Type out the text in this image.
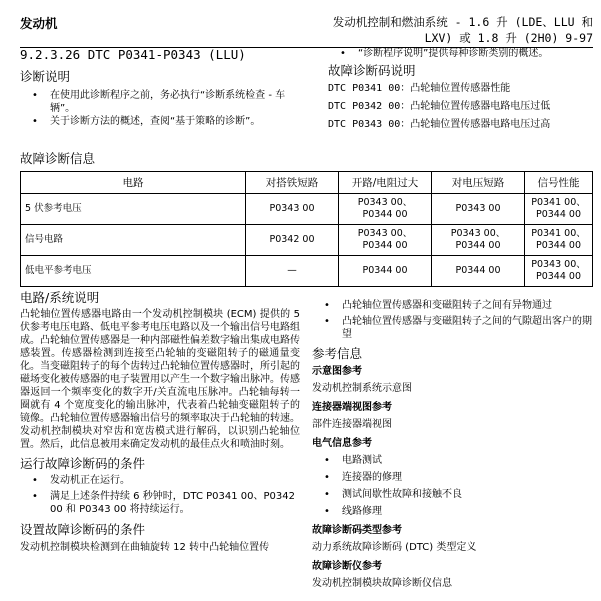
发动机	发动机控制和燃油系统 - 1.6 升 (LDE、LLU 和
LXV) 或 1.8 升 (2H0) 9-97
9.2.3.26 DTC P0341-P0343 (LLU)
诊断说明
• 在使用此诊断程序之前，务必执行“诊断系统检查 - 车辆”。
• 关于诊断方法的概述，查阅“基于策略的诊断”。
• “诊断程序说明”提供每种诊断类别的概述。
故障诊断码说明
DTC P0341 00：凸轮轴位置传感器性能
DTC P0342 00：凸轮轴位置传感器电路电压过低
DTC P0343 00：凸轮轴位置传感器电路电压过高
故障诊断信息
电路	对搭铁短路	开路/电阻过大	对电压短路	信号性能
5 伏参考电压	P0343 00	P0343 00、
P0344 00	P0343 00	P0341 00、
P0344 00
信号电路	P0342 00	P0343 00、
P0344 00	P0343 00、
P0344 00	P0341 00、
P0344 00
低电平参考电压	—	P0344 00	P0344 00	P0343 00、
P0344 00
电路/系统说明

凸轮轴位置传感器电路由一个发动机控制模块 (ECM) 提供的 5 伏参考电压电路、低电平参考电压电路以及一个输出信号电路组成。凸轮轴位置传感器是一种内部磁性偏差数字输出集成电路传感装置。传感器检测到连接至凸轮轴的变磁阻转子的磁通量变化。当变磁阻转子的每个齿转过凸轮轴位置传感器时，所引起的磁场变化被传感器的电子装置用以产生一个数字输出脉冲。传感器返回一个频率变化的数字开/关直流电压脉冲。凸轮轴每转一圈就有 4 个宽度变化的输出脉冲，代表着凸轮轴变磁阻转子的镜像。凸轮轴位置传感器输出信号的频率取决于凸轮轴的转速。发动机控制模块对窄齿和宽齿模式进行解码，以识别凸轮轴位置。然后，此信息被用来确定发动机的最佳点火和喷油时刻。

运行故障诊断码的条件
• 发动机正在运行。
• 满足上述条件持续 6 秒钟时，DTC P0341 00、P0342 00 和 P0343 00 将持续运行。
设置故障诊断码的条件

发动机控制模块检测到在曲轴旋转 12 转中凸轮轴位置传

• 凸轮轴位置传感器和变磁阻转子之间有异物通过
• 凸轮轴位置传感器与变磁阻转子之间的气隙超出客户的期望
参考信息
示意图参考
发动机控制系统示意图
连接器端视图参考
部件连接器端视图
电气信息参考
• 电路测试
• 连接器的修理
• 测试间歇性故障和接触不良
• 线路修理
故障诊断码类型参考
动力系统故障诊断码 (DTC) 类型定义
故障诊断仪参考
发动机控制模块故障诊断仪信息
